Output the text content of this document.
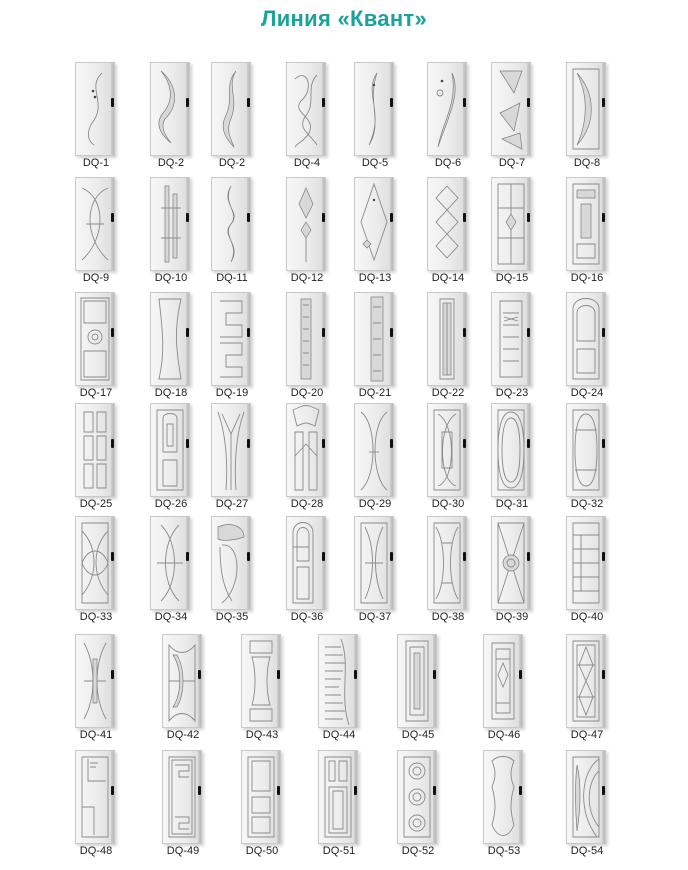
Линия «Квант»
DQ-1	DQ-2	DQ-2	DQ-4	DQ-5	DQ-6	DQ-7	DQ-8
DQ-9	DQ-10	DQ-11	DQ-12	DQ-13	DQ-14	DQ-15	DQ-16
DQ-17	DQ-18	DQ-19	DQ-20	DQ-21	DQ-22	DQ-23	DQ-24
DQ-25	DQ-26	DQ-27	DQ-28	DQ-29	DQ-30	DQ-31	DQ-32
DQ-33	DQ-34	DQ-35	DQ-36	DQ-37	DQ-38	DQ-39	DQ-40
DQ-41	DQ-42	DQ-43	DQ-44	DQ-45	DQ-46	DQ-47
DQ-48	DQ-49	DQ-50	DQ-51	DQ-52	DQ-53	DQ-54
